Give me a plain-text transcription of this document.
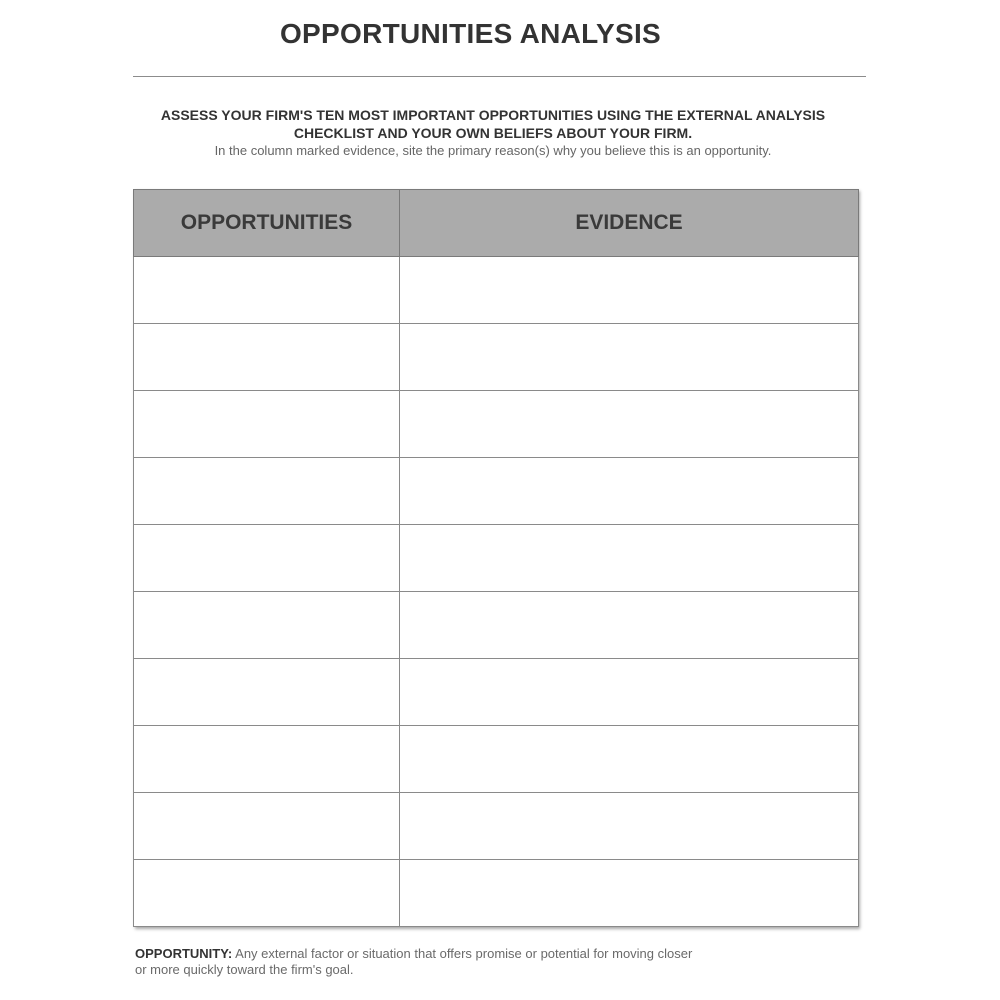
OPPORTUNITIES ANALYSIS

ASSESS YOUR FIRM'S TEN MOST IMPORTANT OPPORTUNITIES USING THE EXTERNAL ANALYSIS
CHECKLIST AND YOUR OWN BELIEFS ABOUT YOUR FIRM.

In the column marked evidence, site the primary reason(s) why you believe this is an opportunity.

OPPORTUNITIES	EVIDENCE

OPPORTUNITY: Any external factor or situation that offers promise or potential for moving closer
or more quickly toward the firm's goal.
